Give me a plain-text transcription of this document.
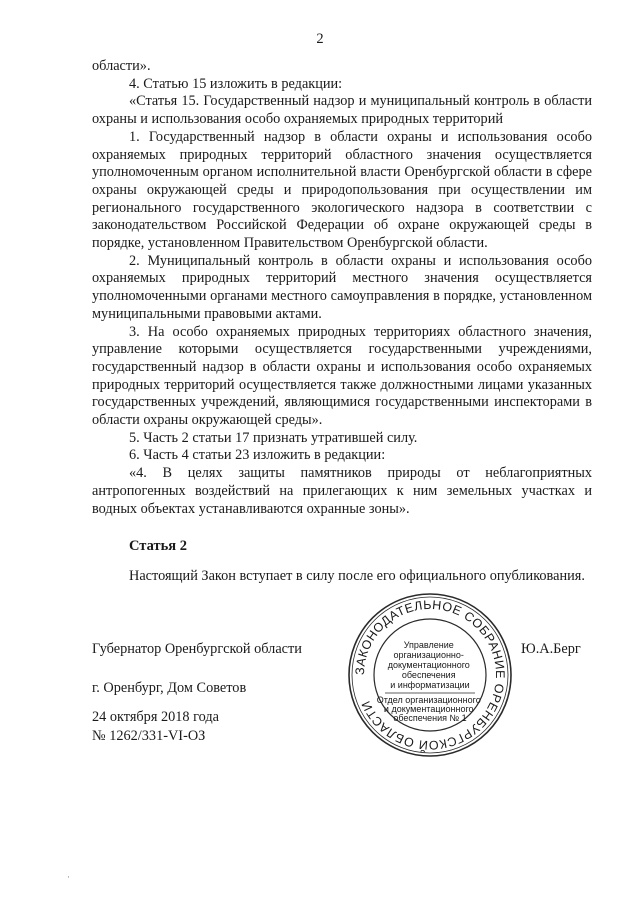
2

области».

4. Статью 15 изложить в редакции:

«Статья 15. Государственный надзор и муниципальный контроль в области охраны и использования особо охраняемых природных территорий

1. Государственный надзор в области охраны и использования особо охраняемых природных территорий областного значения осуществляется уполномоченным органом исполнительной власти Оренбургской области в сфере охраны окружающей среды и природопользования при осуществлении им регионального государственного экологического надзора в соответствии с законодательством Российской Федерации об охране окружающей среды в порядке, установленном Правительством Оренбургской области.

2. Муниципальный контроль в области охраны и использования особо охраняемых природных территорий местного значения осуществляется уполномоченными органами местного самоуправления в порядке, установленном муниципальными правовыми актами.

3. На особо охраняемых природных территориях областного значения, управление которыми осуществляется государственными учреждениями, государственный надзор в области охраны и использования особо охраняемых природных территорий осуществляется также должностными лицами указанных государственных учреждений, являющимися государственными инспекторами в области охраны окружающей среды».

5. Часть 2 статьи 17 признать утратившей силу.

6. Часть 4 статьи 23 изложить в редакции:

«4. В целях защиты памятников природы от неблагоприятных антропогенных воздействий на прилегающих к ним земельных участках и водных объектах устанавливаются охранные зоны».

Статья 2

Настоящий Закон вступает в силу после его официального опубликования.

Губернатор Оренбургской области	Ю.А.Берг
г. Оренбург, Дом Советов
24 октября 2018 года
№ 1262/331-VI-ОЗ
ЗАКОНОДАТЕЛЬНОЕ СОБРАНИЕ ОРЕНБУРГСКОЙ ОБЛАСТИ
Управление организационно- документационного обеспечения и информатизации
Отдел организационного и документационного обеспечения № 1
·
